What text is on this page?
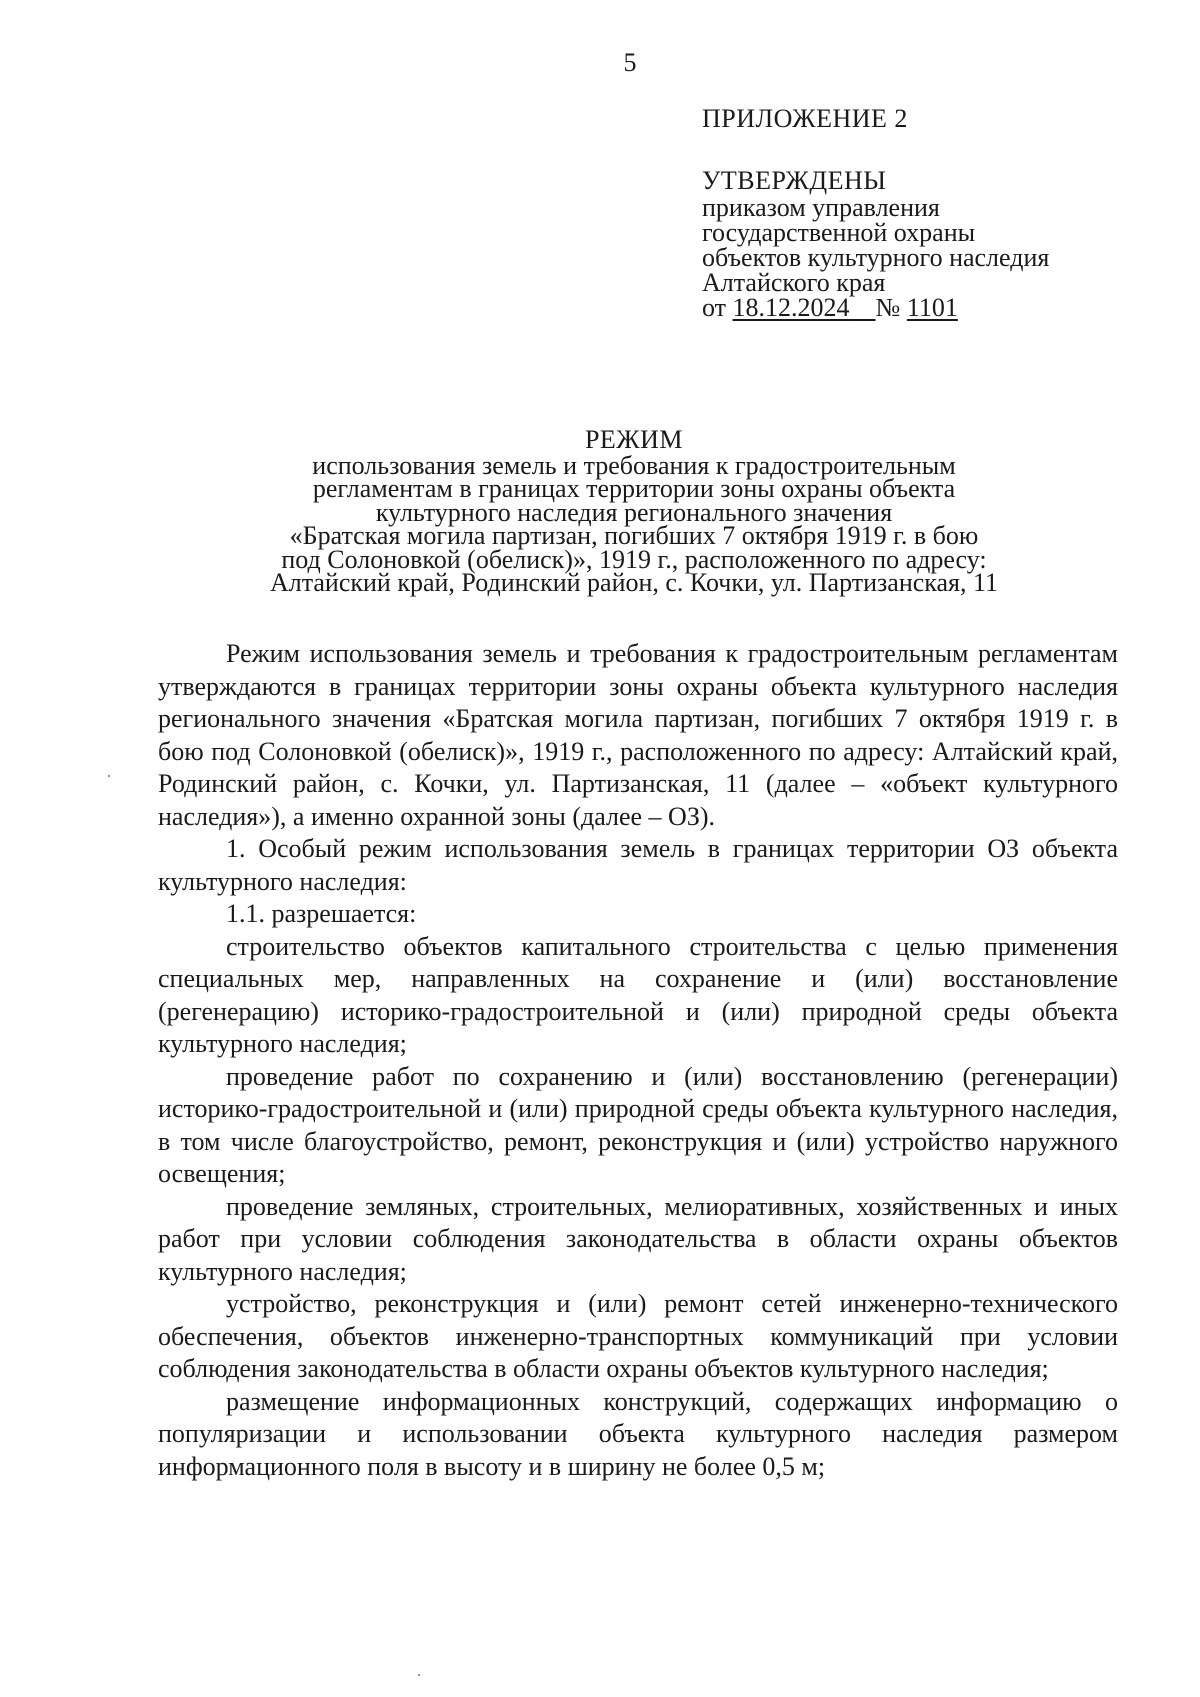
5

ПРИЛОЖЕНИЕ 2

УТВЕРЖДЕНЫ

приказом управления

государственной охраны

объектов культурного наследия

Алтайского края

от 18.12.2024 № 1101

РЕЖИМ
использования земель и требования к градостроительным
регламентам в границах территории зоны охраны объекта
культурного наследия регионального значения
«Братская могила партизан, погибших 7 октября 1919 г. в бою
под Солоновкой (обелиск)», 1919 г., расположенного по адресу:
Алтайский край, Родинский район, с. Кочки, ул. Партизанская, 11

Режим использования земель и требования к градостроительным регламентам утверждаются в границах территории зоны охраны объекта культурного наследия регионального значения «Братская могила партизан, погибших 7 октября 1919 г. в бою под Солоновкой (обелиск)», 1919 г., расположенного по адресу: Алтайский край, Родинский район, с. Кочки, ул. Партизанская, 11 (далее – «объект культурного наследия»), а именно охранной зоны (далее – ОЗ).

1. Особый режим использования земель в границах территории ОЗ объекта культурного наследия:

1.1. разрешается:

строительство объектов капитального строительства с целью применения специальных мер, направленных на сохранение и (или) восстановление (регенерацию) историко-градостроительной и (или) природной среды объекта культурного наследия;

проведение работ по сохранению и (или) восстановлению (регенерации) историко-градостроительной и (или) природной среды объекта культурного наследия, в том числе благоустройство, ремонт, реконструкция и (или) устройство наружного освещения;

проведение земляных, строительных, мелиоративных, хозяйственных и иных работ при условии соблюдения законодательства в области охраны объектов культурного наследия;

устройство, реконструкция и (или) ремонт сетей инженерно-технического обеспечения, объектов инженерно-транспортных коммуникаций при условии соблюдения законодательства в области охраны объектов культурного наследия;

размещение информационных конструкций, содержащих информацию о популяризации и использовании объекта культурного наследия размером информационного поля в высоту и в ширину не более 0,5 м;
